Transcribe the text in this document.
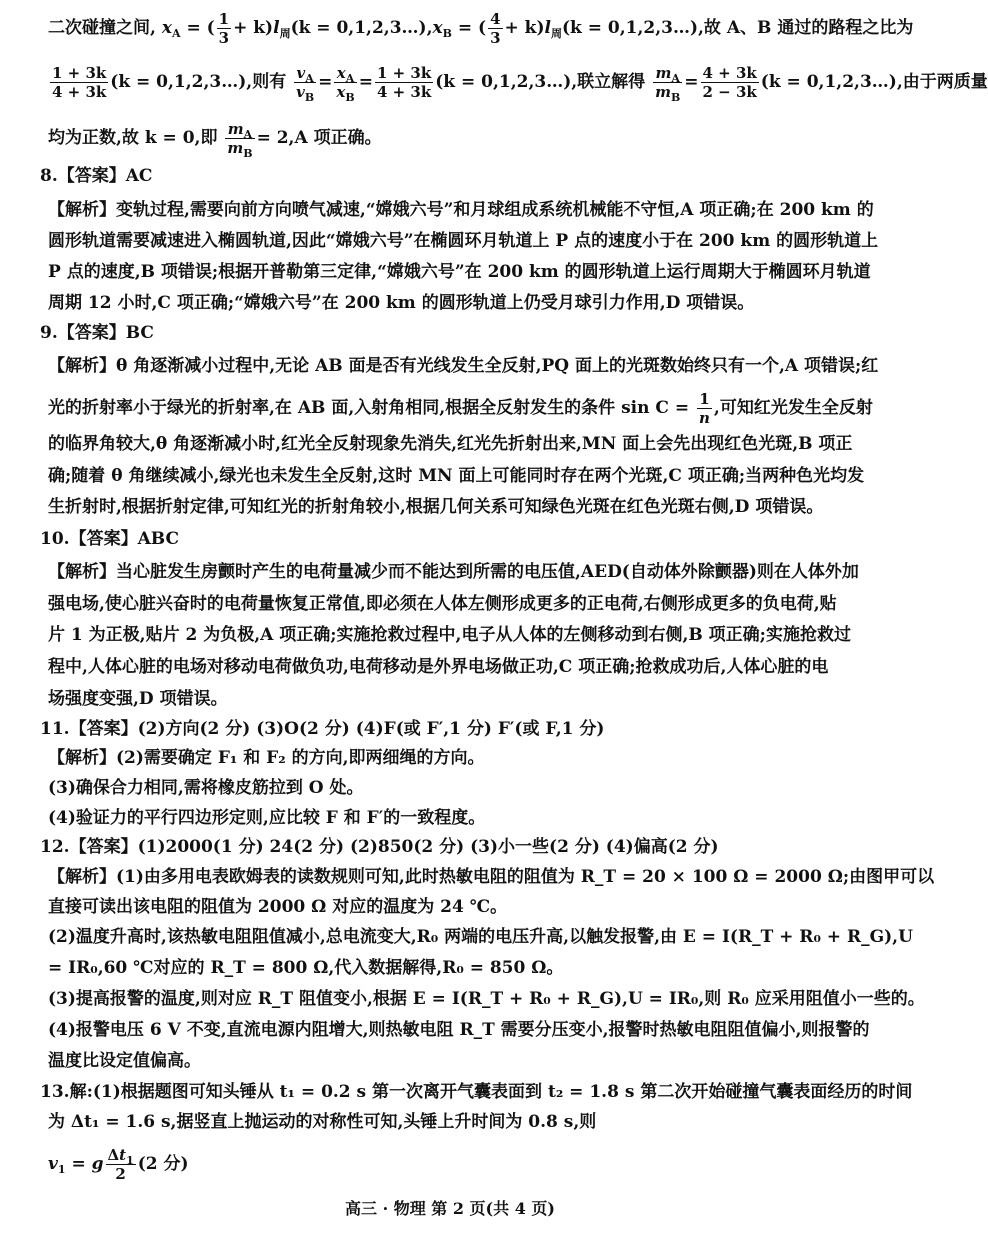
二次碰撞之间, $x_A$ = ( $\frac{1}{3} + k)l_周(k$ = $0,1,2,3\dots),x_B$ = ( $\frac{4}{3} + k)l_周(k$ = 0,1,2,3…),故 A、B 通过的路程之比为
$\frac{1 + 3k}{4 + 3k} (k$ = 0,1,2,3…),则有 $\frac{v_A}{v_B} = \frac{x_A}{x_B} = \frac{1 + 3k}{4 + 3k} (k$ = 0,1,2,3…),联立解得 $\frac{m_A}{m_B} = \frac{4 + 3k}{2 - 3k} (k$ = 0,1,2,3…),由于两质量
均为正数,故 k = 0,即 $\frac{m_A}{m_B} = 2,A$ 项正确。
8.【答案】AC
【解析】变轨过程,需要向前方向喷气减速,“嫦娥六号”和月球组成系统机械能不守恒,A 项正确;在 200 km 的
圆形轨道需要减速进入椭圆轨道,因此“嫦娥六号”在椭圆环月轨道上 P 点的速度小于在 200 km 的圆形轨道上
P 点的速度,B 项错误;根据开普勒第三定律,“嫦娥六号”在 200 km 的圆形轨道上运行周期大于椭圆环月轨道
周期 12 小时,C 项正确;“嫦娥六号”在 200 km 的圆形轨道上仍受月球引力作用,D 项错误。
9.【答案】BC
【解析】θ 角逐渐减小过程中,无论 AB 面是否有光线发生全反射,PQ 面上的光斑数始终只有一个,A 项错误;红
光的折射率小于绿光的折射率,在 AB 面,入射角相同,根据全反射发生的条件 $\sin C = \frac{1}{n}$ ,可知红光发生全反射
的临界角较大,θ 角逐渐减小时,红光全反射现象先消失,红光先折射出来,MN 面上会先出现红色光斑,B 项正
确;随着 θ 角继续减小,绿光也未发生全反射,这时 MN 面上可能同时存在两个光斑,C 项正确;当两种色光均发
生折射时,根据折射定律,可知红光的折射角较小,根据几何关系可知绿色光斑在红色光斑右侧,D 项错误。
10.【答案】ABC
【解析】当心脏发生房颤时产生的电荷量减少而不能达到所需的电压值,AED(自动体外除颤器)则在人体外加
强电场,使心脏兴奋时的电荷量恢复正常值,即必须在人体左侧形成更多的正电荷,右侧形成更多的负电荷,贴
片 1 为正极,贴片 2 为负极,A 项正确;实施抢救过程中,电子从人体的左侧移动到右侧,B 项正确;实施抢救过
程中,人体心脏的电场对移动电荷做负功,电荷移动是外界电场做正功,C 项正确;抢救成功后,人体心脏的电
场强度变强,D 项错误。
11.【答案】(2)方向(2 分) (3)O(2 分) (4)F(或 F′,1 分) F′(或 F,1 分)
【解析】(2)需要确定 F₁ 和 F₂ 的方向,即两细绳的方向。
(3)确保合力相同,需将橡皮筋拉到 O 处。
(4)验证力的平行四边形定则,应比较 F 和 F′的一致程度。
12.【答案】(1)2000(1 分) 24(2 分) (2)850(2 分) (3)小一些(2 分) (4)偏高(2 分)
【解析】(1)由多用电表欧姆表的读数规则可知,此时热敏电阻的阻值为 R_T = 20 × 100 Ω = 2000 Ω;由图甲可以
直接可读出该电阻的阻值为 2000 Ω 对应的温度为 24 ℃。
(2)温度升高时,该热敏电阻阻值减小,总电流变大,R₀ 两端的电压升高,以触发报警,由 E = I(R_T + R₀ + R_G),U
= IR₀,60 ℃对应的 R_T = 800 Ω,代入数据解得,R₀ = 850 Ω。
(3)提高报警的温度,则对应 R_T 阻值变小,根据 E = I(R_T + R₀ + R_G),U = IR₀,则 R₀ 应采用阻值小一些的。
(4)报警电压 6 V 不变,直流电源内阻增大,则热敏电阻 R_T 需要分压变小,报警时热敏电阻阻值偏小,则报警的
温度比设定值偏高。
13.解:(1)根据题图可知头锤从 t₁ = 0.2 s 第一次离开气囊表面到 t₂ = 1.8 s 第二次开始碰撞气囊表面经历的时间
为 Δt₁ = 1.6 s,据竖直上抛运动的对称性可知,头锤上升时间为 0.8 s,则
$v_1 = g \frac{\Delta t_1}{2} (2$ 分)
高三 · 物理 第 2 页(共 4 页)
